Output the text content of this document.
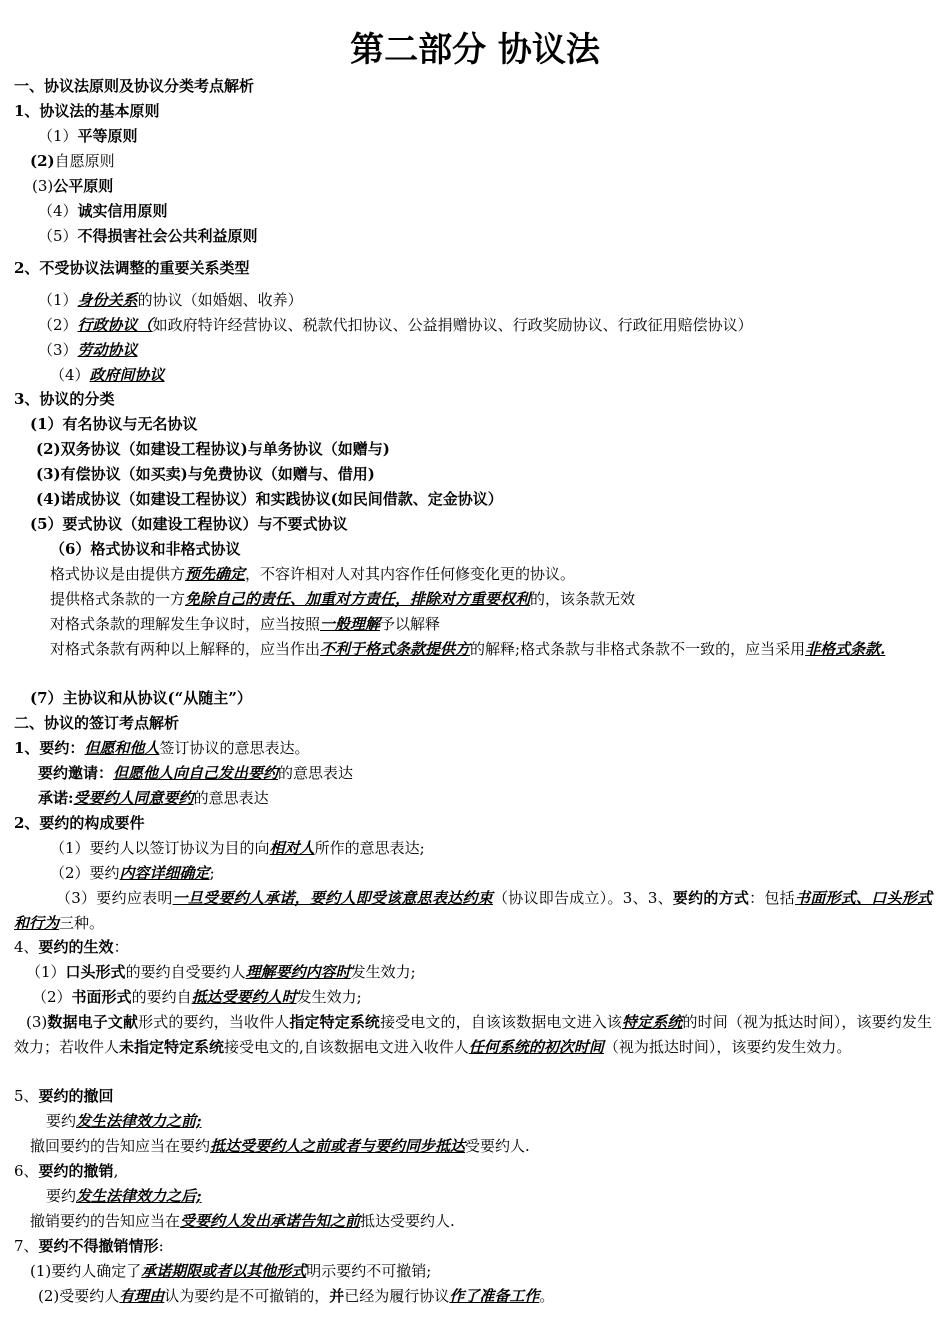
第二部分 协议法
一、协议法原则及协议分类考点解析
1、协议法的基本原则
（1）平等原则
(2)自愿原则
(3)公平原则
（4）诚实信用原则
（5）不得损害社会公共利益原则
2、不受协议法调整的重要关系类型
（1）身份关系的协议（如婚姻、收养）
（2）行政协议（如政府特许经营协议、税款代扣协议、公益捐赠协议、行政奖励协议、行政征用赔偿协议）
（3）劳动协议
（4）政府间协议
3、协议的分类
(1）有名协议与无名协议
(2)双务协议（如建设工程协议)与单务协议（如赠与)
(3)有偿协议（如买卖)与免费协议（如赠与、借用)
(4)诺成协议（如建设工程协议）和实践协议(如民间借款、定金协议）
(5）要式协议（如建设工程协议）与不要式协议
（6）格式协议和非格式协议
格式协议是由提供方预先确定，不容许相对人对其内容作任何修变化更的协议。
提供格式条款的一方免除自己的责任、加重对方责任，排除对方重要权利的，该条款无效
对格式条款的理解发生争议时，应当按照一般理解予以解释
对格式条款有两种以上解释的，应当作出不利于格式条款提供方的解释;格式条款与非格式条款不一致的，应当采用非格式条款.
(7）主协议和从协议(“从随主”）
二、协议的签订考点解析
1、要约：但愿和他人签订协议的意思表达。
要约邀请：但愿他人向自己发出要约的意思表达
承诺:受要约人同意要约的意思表达
2、要约的构成要件
（1）要约人以签订协议为目的向相对人所作的意思表达;
（2）要约内容详细确定;
（3）要约应表明一旦受要约人承诺，要约人即受该意思表达约束（协议即告成立）。3、3、要约的方式：包括书面形式、口头形式和行为三种。
4、要约的生效：
（1）口头形式的要约自受要约人理解要约内容时发生效力;
（2）书面形式的要约自抵达受要约人时发生效力;
(3)数据电子文献形式的要约，当收件人指定特定系统接受电文的，自该该数据电文进入该特定系统的时间（视为抵达时间），该要约发生效力；若收件人未指定特定系统接受电文的,自该数据电文进入收件人任何系统的初次时间（视为抵达时间），该要约发生效力。
5、要约的撤回
要约发生法律效力之前;
撤回要约的告知应当在要约抵达受要约人之前或者与要约同步抵达受要约人.
6、要约的撤销,
要约发生法律效力之后;
撤销要约的告知应当在受要约人发出承诺告知之前抵达受要约人.
7、要约不得撤销情形:
(1)要约人确定了承诺期限或者以其他形式明示要约不可撤销;
(2)受要约人有理由认为要约是不可撤销的，并已经为履行协议作了准备工作。
